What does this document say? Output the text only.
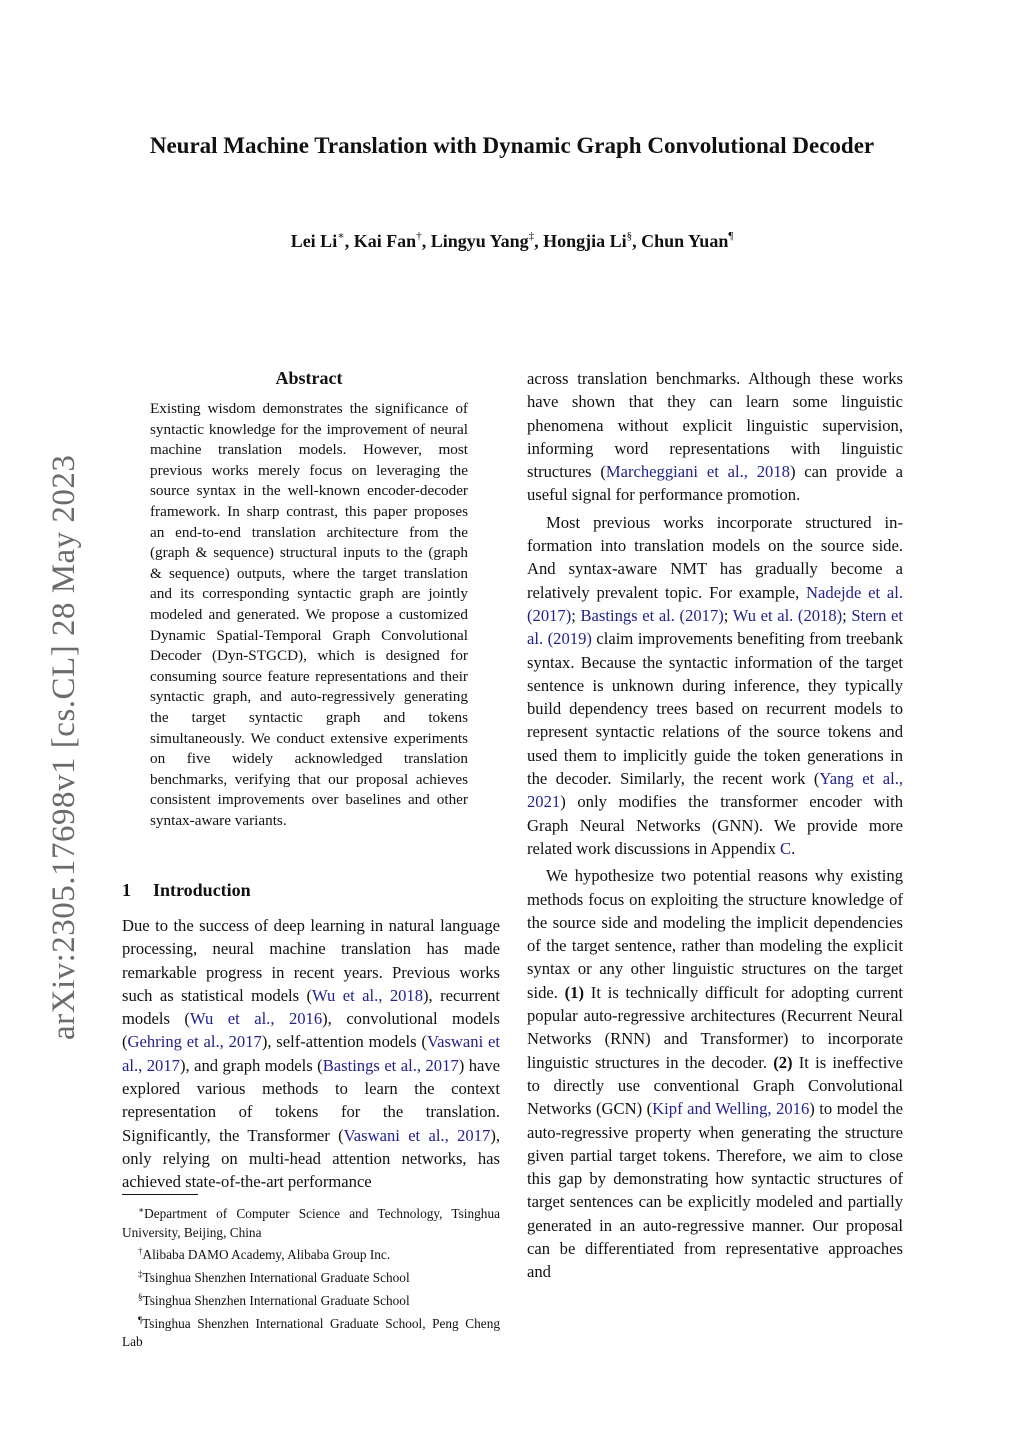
Neural Machine Translation with Dynamic Graph Convolutional Decoder
Lei Li∗, Kai Fan†, Lingyu Yang‡, Hongjia Li§, Chun Yuan¶
arXiv:2305.17698v1 [cs.CL] 28 May 2023
Abstract
Existing wisdom demonstrates the significance of syntactic knowledge for the improvement of neural machine translation models. However, most previous works merely focus on leveraging the source syntax in the well-known encoder-decoder framework. In sharp contrast, this paper proposes an end-to-end translation architecture from the (graph & sequence) structural inputs to the (graph & sequence) outputs, where the target translation and its corresponding syntactic graph are jointly modeled and generated. We propose a customized Dynamic Spatial-Temporal Graph Convolutional Decoder (Dyn-STGCD), which is designed for consuming source feature representations and their syntactic graph, and auto-regressively generating the target syntactic graph and tokens simultaneously. We conduct extensive experiments on five widely acknowledged translation benchmarks, verifying that our proposal achieves consistent improvements over baselines and other syntax-aware variants.
1 Introduction

Due to the success of deep learning in natural language processing, neural machine translation has made remarkable progress in recent years. Previous works such as statistical models (Wu et al., 2018), recurrent models (Wu et al., 2016), convolutional models (Gehring et al., 2017), self-attention models (Vaswani et al., 2017), and graph models (Bastings et al., 2017) have explored various methods to learn the context representation of tokens for the translation. Significantly, the Transformer (Vaswani et al., 2017), only relying on multi-head attention networks, has achieved state-of-the-art performance

across translation benchmarks. Although these works have shown that they can learn some linguistic phenomena without explicit linguistic supervision, informing word representations with linguistic structures (Marcheggiani et al., 2018) can provide a useful signal for performance promotion.

Most previous works incorporate structured information into translation models on the source side. And syntax-aware NMT has gradually become a relatively prevalent topic. For example, Nadejde et al. (2017); Bastings et al. (2017); Wu et al. (2018); Stern et al. (2019) claim improvements benefiting from treebank syntax. Because the syntactic information of the target sentence is unknown during inference, they typically build dependency trees based on recurrent models to represent syntactic relations of the source tokens and used them to implicitly guide the token generations in the decoder. Similarly, the recent work (Yang et al., 2021) only modifies the transformer encoder with Graph Neural Networks (GNN). We provide more related work discussions in Appendix C.

We hypothesize two potential reasons why existing methods focus on exploiting the structure knowledge of the source side and modeling the implicit dependencies of the target sentence, rather than modeling the explicit syntax or any other linguistic structures on the target side. (1) It is technically difficult for adopting current popular auto-regressive architectures (Recurrent Neural Networks (RNN) and Transformer) to incorporate linguistic structures in the decoder. (2) It is ineffective to directly use conventional Graph Convolutional Networks (GCN) (Kipf and Welling, 2016) to model the auto-regressive property when generating the structure given partial target tokens. Therefore, we aim to close this gap by demonstrating how syntactic structures of target sentences can be explicitly modeled and partially generated in an auto-regressive manner. Our proposal can be differentiated from representative approaches and

∗Department of Computer Science and Technology, Tsinghua University, Beijing, China
†Alibaba DAMO Academy, Alibaba Group Inc.
‡Tsinghua Shenzhen International Graduate School
§Tsinghua Shenzhen International Graduate School
¶Tsinghua Shenzhen International Graduate School, Peng Cheng Lab
